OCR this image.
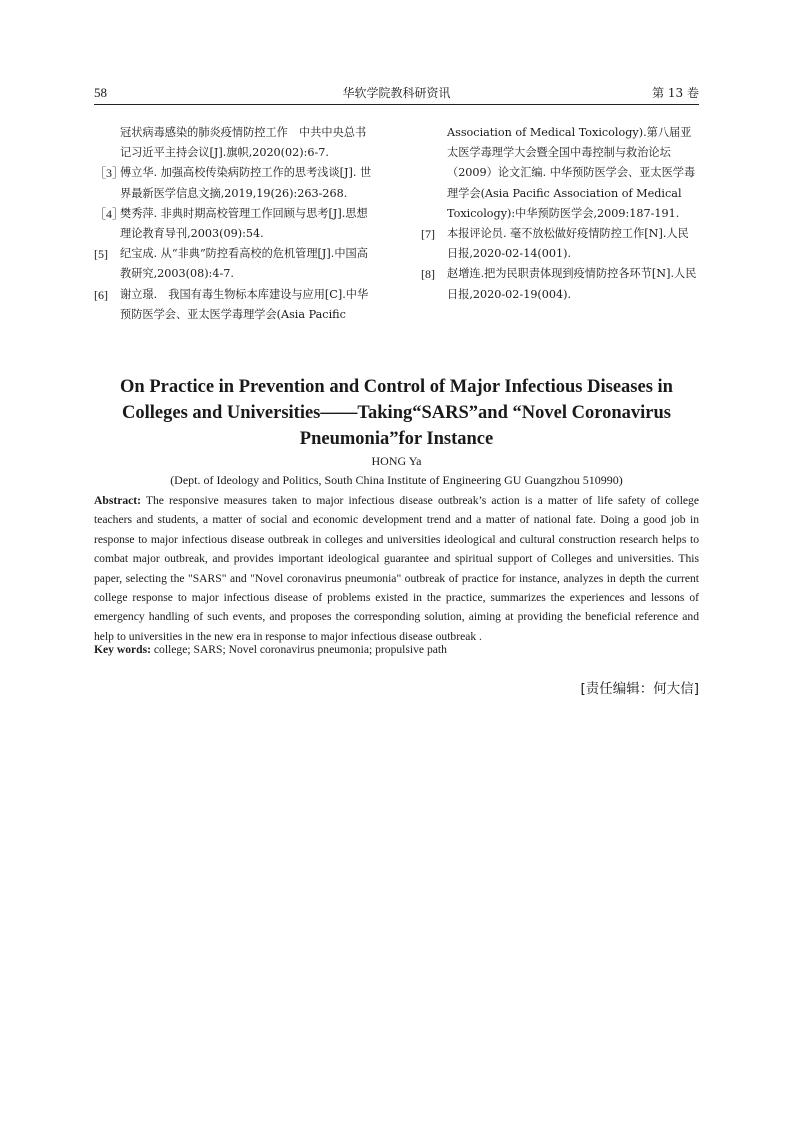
58	华软学院教科研资讯	第 13 卷
冠状病毒感染的肺炎疫情防控工作　中共中央总书记习近平主持会议[J].旗帜,2020(02):6-7.
［3］
傅立华. 加强高校传染病防控工作的思考浅谈[J]. 世界最新医学信息文摘,2019,19(26):263-268.
［4］
樊秀萍. 非典时期高校管理工作回顾与思考[J].思想理论教育导刊,2003(09):54.
[5] 纪宝成. 从“非典”防控看高校的危机管理[J].中国高教研究,2003(08):4-7.
[6] 谢立璟.　我国有毒生物标本库建设与应用[C].中华预防医学会、亚太医学毒理学会(Asia Pacific
Association of Medical Toxicology).第八届亚太医学毒理学大会暨全国中毒控制与救治论坛（2009）论文汇编. 中华预防医学会、亚太医学毒理学会(Asia Pacific Association of Medical Toxicology):中华预防医学会,2009:187-191.
[7] 本报评论员. 毫不放松做好疫情防控工作[N].人民日报,2020-02-14(001).
[8] 赵增连.把为民职责体现到疫情防控各环节[N].人民日报,2020-02-19(004).
On Practice in Prevention and Control of Major Infectious Diseases in
Colleges and Universities——Taking“SARS”and “Novel Coronavirus
Pneumonia”for Instance
HONG Ya
(Dept. of Ideology and Politics, South China Institute of Engineering GU Guangzhou 510990)

Abstract: The responsive measures taken to major infectious disease outbreak’s action is a matter of life safety of college teachers and students, a matter of social and economic development trend and a matter of national fate. Doing a good job in response to major infectious disease outbreak in colleges and universities ideological and cultural construction research helps to combat major outbreak, and provides important ideological guarantee and spiritual support of Colleges and universities. This paper, selecting the "SARS" and "Novel coronavirus pneumonia" outbreak of practice for instance, analyzes in depth the current college response to major infectious disease of problems existed in the practice, summarizes the experiences and lessons of emergency handling of such events, and proposes the corresponding solution, aiming at providing the beneficial reference and help to universities in the new era in response to major infectious disease outbreak .

Key words: college; SARS; Novel coronavirus pneumonia; propulsive path

[责任编辑：何大信]
